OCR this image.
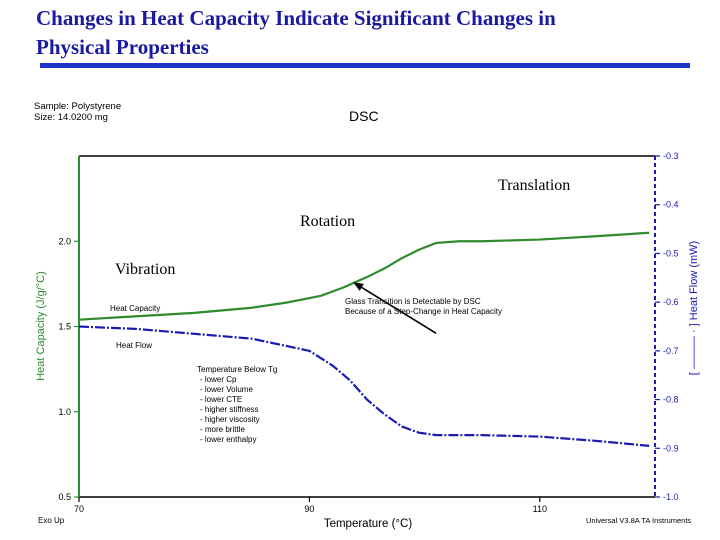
Changes in Heat Capacity Indicate Significant Changes in
Physical Properties
Sample: Polystyrene
Size: 14.0200 mg	DSC
2.0
1.5
1.0
0.5
-0.3
-0.4
-0.5
-0.6
-0.7
-0.8
-0.9
-1.0
70	90	110
Heat Capacity (J/g/°C)	[ ——— · ] Heat Flow (mW)
Temperature (°C)
Exo Up	Universal V3.8A TA Instruments
Heat Capacity
Heat Flow
Glass Transition is Detectable by DSC
Because of a Step-Change in Heat Capacity
Temperature Below Tg
- lower Cp
- lower Volume
- lower CTE
- higher stiffness
- higher viscosity
- more brittle
- lower enthalpy
Translation
Rotation
Vibration
